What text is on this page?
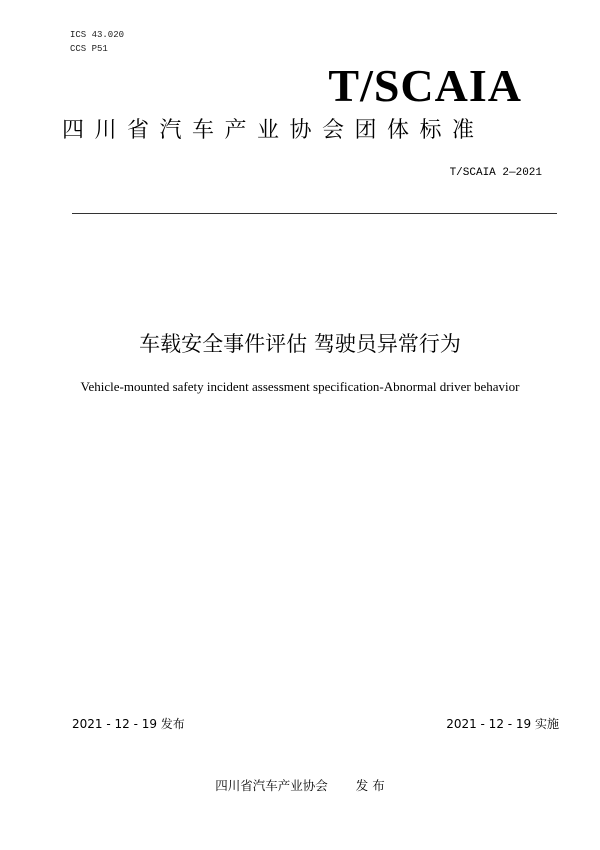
ICS 43.020
CCS P51
T/SCAIA
四川省汽车产业协会团体标准
T/SCAIA 2—2021
车载安全事件评估 驾驶员异常行为
Vehicle-mounted safety incident assessment specification-Abnormal driver behavior
2021 - 12 - 19 发布	2021 - 12 - 19 实施
四川省汽车产业协会 发 布
